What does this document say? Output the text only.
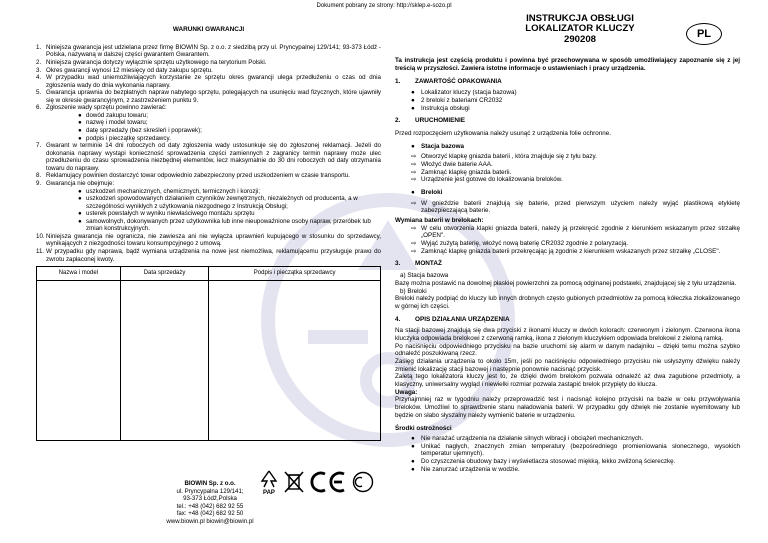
Dokument pobrany ze strony: http://sklep.e-sozo.pl
WARUNKI GWARANCJI
1. Niniejsza gwarancja jest udzielana przez firmę BIOWIN Sp. z o.o. z siedzibą przy ul. Pryncypalnej 129/141; 93-373 Łódź - Polska, nazywaną w dalszej części gwarantem Gwarantem.
2. Niniejsza gwarancja dotyczy wyłącznie sprzętu użytkowego na terytorium Polski.
3. Okres gwarancji wynosi 12 miesięcy od daty zakupu sprzętu.
4. W przypadku wad uniemożliwiających korzystanie ze sprzętu okres gwarancji ulega przedłużeniu o czas od dnia zgłoszenia wady do dnia wykonania naprawy.
5. Gwarancja uprawnia do bezpłatnych napraw nabytego sprzętu, polegających na usunięciu wad fizycznych, które ujawniły się w okresie gwarancyjnym, z zastrzeżeniem punktu 9.
6. Zgłoszenie wady sprzętu powinno zawierać:
● dowód zakupu towaru;
● nazwę i model towaru;
● datę sprzedaży (bez skreśleń i poprawek);
● podpis i pieczątkę sprzedawcy.
7. Gwarant w terminie 14 dni roboczych od daty zgłoszenia wady ustosunkuje się do zgłoszonej reklamacji. Jeżeli do dokonania naprawy wystąpi konieczność sprowadzenia części zamiennych z zagranicy termin naprawy może ulec przedłużeniu do czasu sprowadzenia niezbędnej elementów, lecz maksymalnie do 30 dni roboczych od daty otrzymania towaru do naprawy.
8. Reklamujący powinien dostarczyć towar odpowiednio zabezpieczony przed uszkodzeniem w czasie transportu.
9. Gwarancja nie obejmuje:
● uszkodzeń mechanicznych, chemicznych, termicznych i korozji;
● uszkodzeń spowodowanych działaniem czynników zewnętrznych, niezależnych od producenta, a w szczególności wynikłych z użytkowania niezgodnego z Instrukcją Obsługi;
● usterek powstałych w wyniku niewłaściwego montażu sprzętu
● samowolnych, dokonywanych przez użytkownika lub inne nieupoważnione osoby napraw, przeróbek lub zmian konstrukcyjnych.
10. Niniejsza gwarancja nie ogranicza, nie zawiesza ani nie wyłącza uprawnień kupującego w stosunku do sprzedawcy, wynikających z niezgodności towaru konsumpcyjnego z umową.
11. W przypadku gdy naprawa, bądź wymiana urządzenia na nowe jest niemożliwa, reklamującemu przysługuje prawo do zwrotu zapłaconej kwoty.
Nazwa i model	Data sprzedaży	Podpis i pieczątka sprzedawcy

BIOWIN Sp. z o.o.
ul. Pryncypalna 129/141;
93-373 Łódź,Polska
tel.: +48 (042) 682 92 55
fax: +48 (042) 682 92 50
www.biowin.pl biowin@biowin.pl
PAP
INSTRUKCJA OBSŁUGI
LOKALIZATOR KLUCZY
290208	PL
Ta instrukcja jest częścią produktu i powinna być przechowywana w sposób umożliwiający zapoznanie się z jej treścią w przyszłości. Zawiera istotne informacje o ustawieniach i pracy urządzenia.
1.	ZAWARTOŚĆ OPAKOWANIA
● Lokalizator kluczy (stacja bazowa)
● 2 breloki z bateriami CR2032
● Instrukcja obsługi
2.	URUCHOMIENIE
Przed rozpoczęciem użytkowania należy usunąć z urządzenia folie ochronne.
● Stacja bazowa
⇨ Otworzyć klapkę gniazda baterii , która znajduje się z tyłu bazy.
⇨ Włożyć dwie baterie AAA.
⇨ Zamknąć klapkę gniazda baterii.
⇨ Urządzenie jest gotowe do lokalizowania breloków.
● Breloki
⇨ W gnieździe baterii znajdują się baterie, przed pierwszym użyciem należy wyjąć plastikową etykietę zabezpieczającą baterie.
Wymiana baterii w brelokach:
⇨ W celu otworzenia klapki gniazda baterii, należy ją przekręcić zgodnie z kierunkiem wskazanym przez strzałkę „OPEN".
⇨ Wyjąć zużytą baterię, włożyć nową baterię CR2032 zgodnie z polaryzacją.
⇨ Zamknąć klapkę gniazda baterii przekręcając ją zgodnie z kierunkiem wskazanych przez strzałkę „CLOSE".
3.	MONTAŻ
a) Stacja bazowa
Bazę można postawić na dowolnej płaskiej powierzchni za pomocą odginanej podstawki, znajdującej się z tyłu urządzenia.
b) Breloki
Breloki należy podpiąć do kluczy lub innych drobnych często gubionych przedmiotów za pomocą kółeczka zlokalizowanego w górnej ich części.
4.	OPIS DZIAŁANIA URZĄDZENIA
Na stacji bazowej znajdują się dwa przyciski z ikonami kluczy w dwóch kolorach: czerwonym i zielonym. Czerwona ikona kluczyka odpowiada brelokowi z czerwoną ramką, ikona z zielonym kluczykiem odpowiada brelokowi z zieloną ramką.
Po naciśnięciu odpowiedniego przycisku na bazie uruchomi się alarm w danym nadajniku – dzięki temu można szybko odnaleźć poszukiwaną rzecz.
Zasięg działania urządzenia to około 15m, jeśli po naciśnięciu odpowiedniego przycisku nie usłyszymy dźwięku należy zmienić lokalizację stacji bazowej i następnie ponownie nacisnąć przycisk.
Zaletą tego lokalizatora kluczy jest to, że dzięki dwóm brelokom pozwala odnaleźć aż dwa zagubione przedmioty, a klasyczny, uniwersalny wygląd i niewielki rozmiar pozwala zastąpić brelok przypięty do klucza.
Uwaga:
Przynajmniej raz w tygodniu należy przeprowadzić test i nacisnąć kolejno przyciski na bazie w celu przywoływania breloków. Umożliwi to sprawdzenie stanu naładowania baterii. W przypadku gdy dźwięk nie zostanie wyemitowany lub będzie on słabo słyszalny należy wymienić baterie w urządzeniu.
Środki ostrożności
● Nie narażać urządzenia na działanie silnych wibracji i obciążeń mechanicznych.
● Unikać nagłych, znacznych zmian temperatury (bezpośredniego promieniowania słonecznego, wysokich temperatur ujemnych).
● Do czyszczenia obudowy bazy i wyświetlacza stosować miękką, lekko zwilżoną ściereczkę.
● Nie zanurzać urządzenia w wodzie.
